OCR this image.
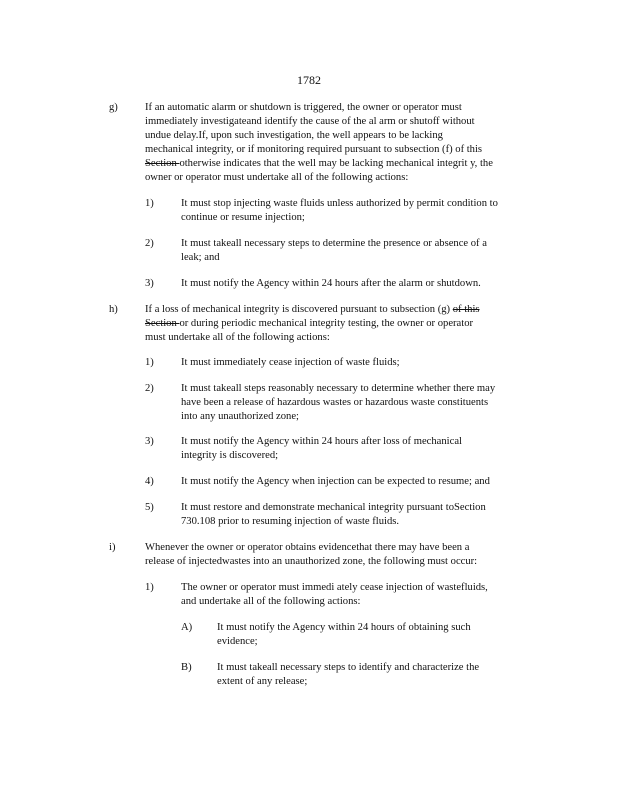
1782
g)	If an automatic alarm or shutdown is triggered, the owner or operator must
immediately investigateand identify the cause of the al arm or shutoff without
undue delay.If, upon such investigation, the well appears to be lacking
mechanical integrity, or if monitoring required pursuant to subsection (f) of this
Section otherwise indicates that the well may be lacking mechanical integrit y, the
owner or operator must undertake all of the following actions:
1)	It must stop injecting waste fluids unless authorized by permit condition to
continue or resume injection;
2)	It must takeall necessary steps to determine the presence or absence of a
leak; and
3)	It must notify the Agency within 24 hours after the alarm or shutdown.
h)	If a loss of mechanical integrity is discovered pursuant to subsection (g) of this
Section or during periodic mechanical integrity testing, the owner or operator
must undertake all of the following actions:
1)	It must immediately cease injection of waste fluids;
2)	It must takeall steps reasonably necessary to determine whether there may
have been a release of hazardous wastes or hazardous waste constituents
into any unauthorized zone;
3)	It must notify the Agency within 24 hours after loss of mechanical
integrity is discovered;
4)	It must notify the Agency when injection can be expected to resume; and
5)	It must restore and demonstrate mechanical integrity pursuant toSection
730.108 prior to resuming injection of waste fluids.
i)	Whenever the owner or operator obtains evidencethat there may have been a
release of injectedwastes into an unauthorized zone, the following must occur:
1)	The owner or operator must immedi ately cease injection of wastefluids,
and undertake all of the following actions:
A) It must notify the Agency within 24 hours of obtaining such
evidence;
B) It must takeall necessary steps to identify and characterize the
extent of any release;
